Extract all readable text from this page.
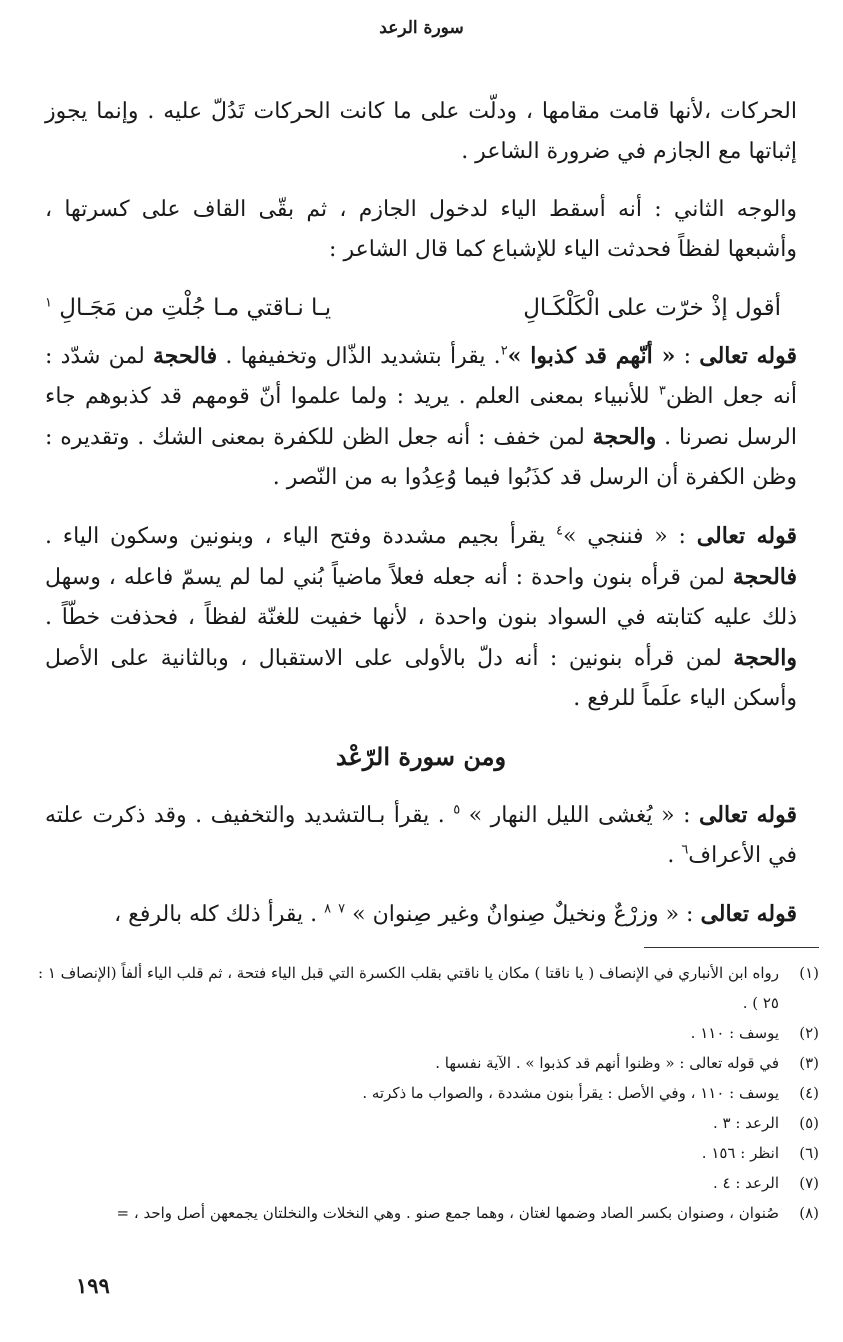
سورة الرعد

الحركات ،لأنها قامت مقامها ، ودلّت على ما كانت الحركات تَدُلّ عليه . وإنما يجوز إثباتها مع الجازم في ضرورة الشاعر .

والوجه الثاني : أنه أسقط الياء لدخول الجازم ، ثم بقّى القاف على كسرتها ، وأشبعها لفظاً فحدثت الياء للإشباع كما قال الشاعر :

أقول إذْ خرّت على الْكَلْكَـالِ
يـا نـاقتي مـا جُلْتِ من مَجَـالِ $^١$

قوله تعالى : « أنّهم قد كذبوا »$^٢$. يقرأ بتشديد الذّال وتخفيفها . فالحجة لمن شدّد : أنه جعل الظن$^٣$ للأنبياء بمعنى العلم . يريد : ولما علموا أنّ قومهم قد كذبوهم جاء الرسل نصرنا . والحجة لمن خفف : أنه جعل الظن للكفرة بمعنى الشك . وتقديره : وظن الكفرة أن الرسل قد كذَبُوا فيما وُعِدُوا به من النّصر .

قوله تعالى : « فننجي »$^٤$ يقرأ بجيم مشددة وفتح الياء ، وبنونين وسكون الياء . فالحجة لمن قرأه بنون واحدة : أنه جعله فعلاً ماضياً بُني لما لم يسمّ فاعله ، وسهل ذلك عليه كتابته في السواد بنون واحدة ، لأنها خفيت للغنّة لفظاً ، فحذفت خطّاً . والحجة لمن قرأه بنونين : أنه دلّ بالأولى على الاستقبال ، وبالثانية على الأصل وأسكن الياء علَماً للرفع .

ومن سورة الرّعْد

قوله تعالى : « يُغشى الليل النهار » $^٥$ . يقرأ بـالتشديد والتخفيف . وقد ذكرت علته في الأعراف$^٦$ .

قوله تعالى : « وزرْعٌ ونخيلٌ صِنوانٌ وغير صِنوان » $^٧$ $^٨$ . يقرأ ذلك كله بالرفع ،

(١)
رواه ابن الأنباري في الإنصاف ( يا ناقتا ) مكان يا ناقتي بقلب الكسرة التي قبل الياء فتحة ، ثم قلب الياء ألفاً (الإنصاف ١ : ٢٥ ) .
(٢)
يوسف : ١١٠ .
(٣)
في قوله تعالى : « وظنوا أنهم قد كذبوا » . الآية نفسها .
(٤)
يوسف : ١١٠ ، وفي الأصل : يقرأ بنون مشددة ، والصواب ما ذكرته .
(٥)
الرعد : ٣ .
(٦)
انظر : ١٥٦ .
(٧)
الرعد : ٤ .
(٨)
صُنوان ، وصنوان بكسر الصاد وضمها لغتان ، وهما جمع صنو . وهي النخلات والنخلتان يجمعهن أصل واحد ، =
١٩٩
